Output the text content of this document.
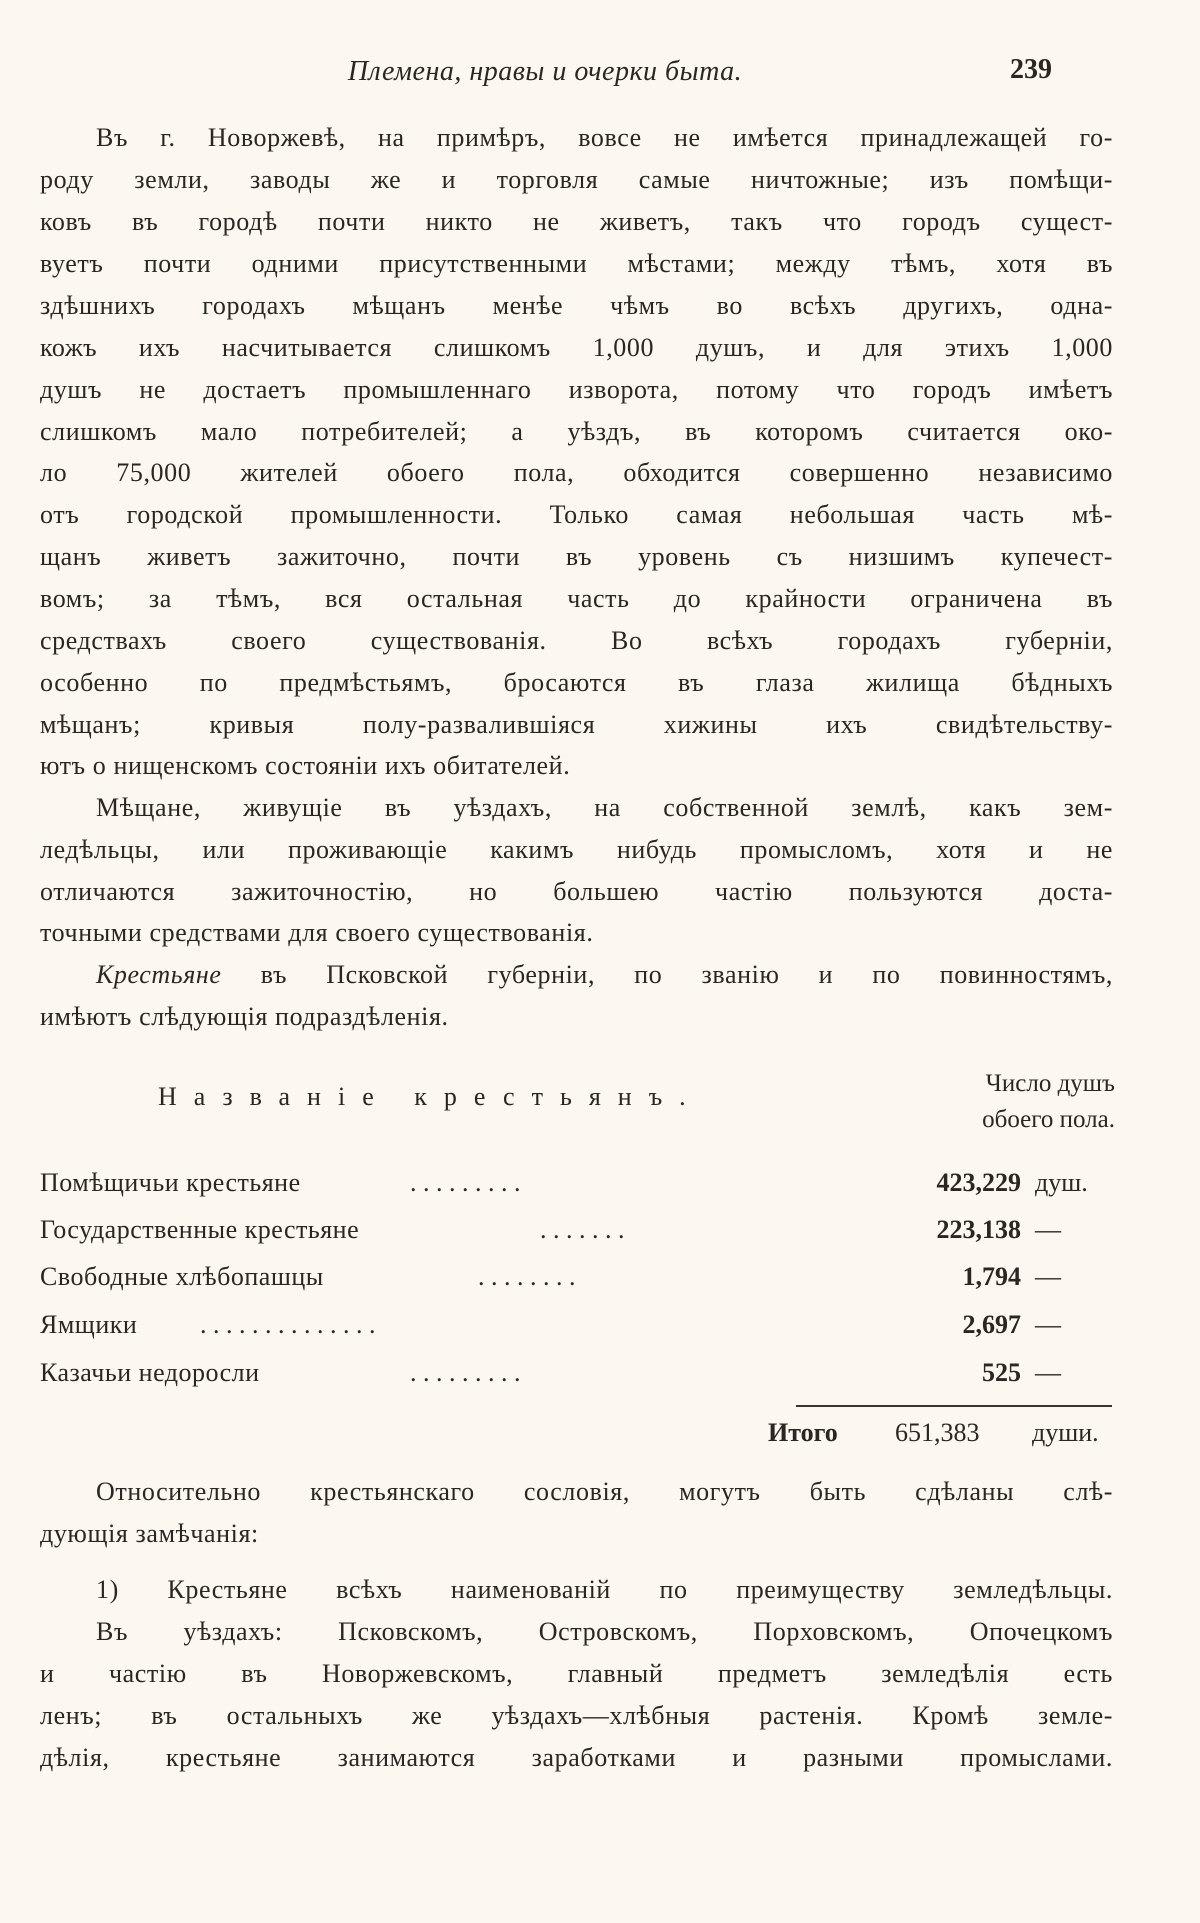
Племена, нравы и очерки быта.	239
Въ г. Новоржевѣ, на примѣръ, вовсе не имѣется принадлежащей го-
роду земли, заводы же и торговля самые ничтожные; изъ помѣщи-
ковъ въ городѣ почти никто не живетъ, такъ что городъ сущест-
вуетъ почти одними присутственными мѣстами; между тѣмъ, хотя въ
здѣшнихъ городахъ мѣщанъ менѣе чѣмъ во всѣхъ другихъ, одна-
кожъ ихъ насчитывается слишкомъ 1,000 душъ, и для этихъ 1,000
душъ не достаетъ промышленнаго изворота, потому что городъ имѣетъ
слишкомъ мало потребителей; а уѣздъ, въ которомъ считается око-
ло 75,000 жителей обоего пола, обходится совершенно независимо
отъ городской промышленности. Только самая небольшая часть мѣ-
щанъ живетъ зажиточно, почти въ уровень съ низшимъ купечест-
вомъ; за тѣмъ, вся остальная часть до крайности ограничена въ
средствахъ своего существованія. Во всѣхъ городахъ губерніи,
особенно по предмѣстьямъ, бросаются въ глаза жилища бѣдныхъ
мѣщанъ; кривыя полу-развалившіяся хижины ихъ свидѣтельству-
ютъ о нищенскомъ состояніи ихъ обитателей.
Мѣщане, живущіе въ уѣздахъ, на собственной землѣ, какъ зем-
ледѣльцы, или проживающіе какимъ нибудь промысломъ, хотя и не
отличаются зажиточностію, но большею частію пользуются доста-
точными средствами для своего существованія.
Крестьяне въ Псковской губерніи, по званію и по повинностямъ,
имѣютъ слѣдующія подраздѣленія.
Названіе крестьянъ.	Число душъ
обоего пола.
Помѣщичьи крестьяне	. . . . . . . . .	423,229 душ.
Государственные крестьяне	. . . . . . .	223,138 —
Свободные хлѣбопашцы	. . . . . . . .	1,794 —
Ямщики . . . . . . . . . . . . . .	2,697 —
Казачьи недоросли	. . . . . . . . .	525 —
Итого 651,383 души.
Относительно крестьянскаго сословія, могутъ быть сдѣланы слѣ-
дующія замѣчанія:
1) Крестьяне всѣхъ наименованій по преимуществу земледѣльцы.
Въ уѣздахъ: Псковскомъ, Островскомъ, Порховскомъ, Опочецкомъ
и частію въ Новоржевскомъ, главный предметъ земледѣлія есть
ленъ; въ остальныхъ же уѣздахъ—хлѣбныя растенія. Кромѣ земле-
дѣлія, крестьяне занимаются заработками и разными промыслами.
